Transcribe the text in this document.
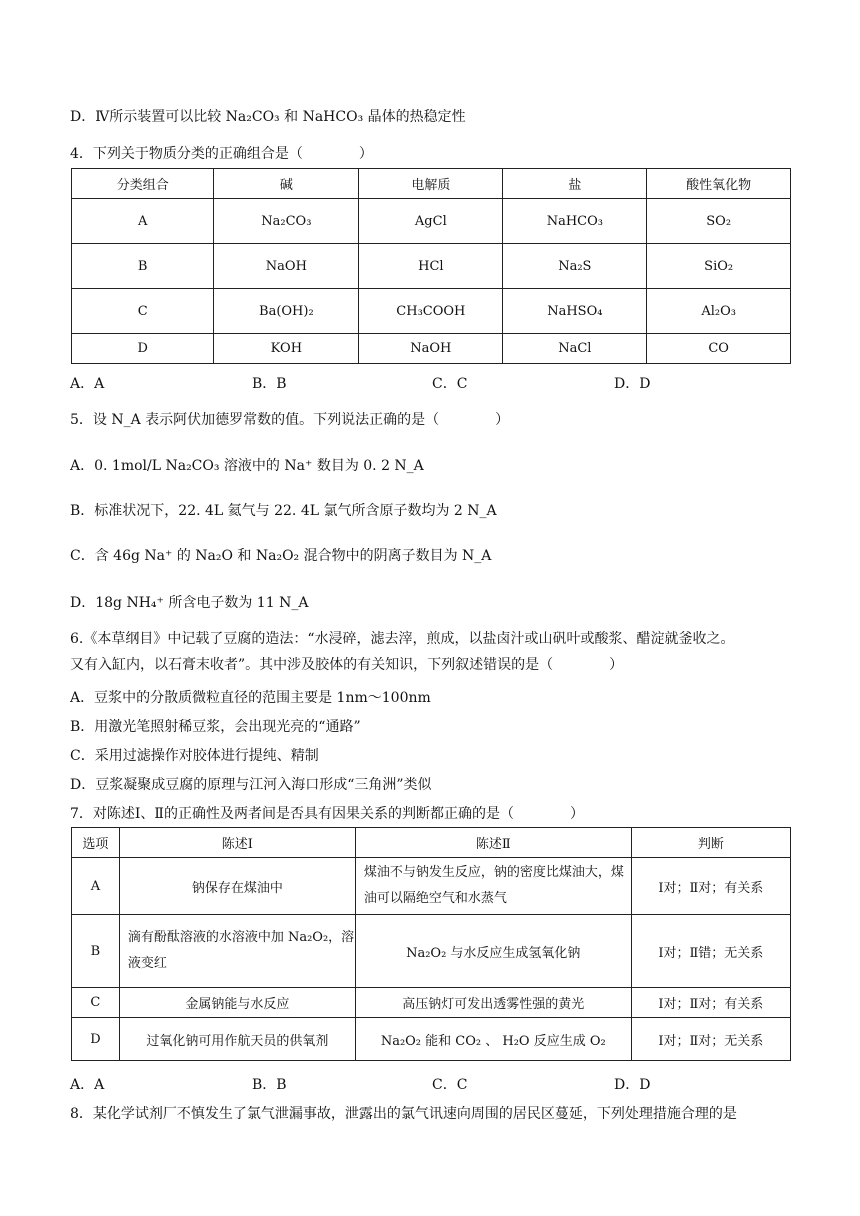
D．Ⅳ所示装置可以比较 Na₂CO₃ 和 NaHCO₃ 晶体的热稳定性
4．下列关于物质分类的正确组合是（　　　　）
分类组合	碱	电解质	盐	酸性氧化物
A	Na₂CO₃	AgCl	NaHCO₃	SO₂
B	NaOH	HCl	Na₂S	SiO₂
C	Ba(OH)₂	CH₃COOH	NaHSO₄	Al₂O₃
D	KOH	NaOH	NaCl	CO
A．A	B．B	C．C	D．D
5．设 N_A 表示阿伏加德罗常数的值。下列说法正确的是（　　　　）
A．0. 1mol/L Na₂CO₃ 溶液中的 Na⁺ 数目为 0. 2 N_A
B．标准状况下，22. 4L 氦气与 22. 4L 氯气所含原子数均为 2 N_A
C．含 46g Na⁺ 的 Na₂O 和 Na₂O₂ 混合物中的阴离子数目为 N_A
D．18g NH₄⁺ 所含电子数为 11 N_A
6.《本草纲目》中记载了豆腐的造法：“水浸碎，滤去滓，煎成，以盐卤汁或山矾叶或酸浆、醋淀就釜收之。
又有入缸内，以石膏末收者”。其中涉及胶体的有关知识，下列叙述错误的是（　　　　）
A．豆浆中的分散质微粒直径的范围主要是 1nm～100nm
B．用激光笔照射稀豆浆，会出现光亮的“通路”
C．采用过滤操作对胶体进行提纯、精制
D．豆浆凝聚成豆腐的原理与江河入海口形成“三角洲”类似
7．对陈述Ⅰ、Ⅱ的正确性及两者间是否具有因果关系的判断都正确的是（　　　　）
选项	陈述Ⅰ	陈述Ⅱ	判断
A	钠保存在煤油中	煤油不与钠发生反应，钠的密度比煤油大，煤油可以隔绝空气和水蒸气	Ⅰ对；Ⅱ对；有关系
B	滴有酚酞溶液的水溶液中加 Na₂O₂，溶液变红	Na₂O₂ 与水反应生成氢氧化钠	Ⅰ对；Ⅱ错；无关系
C	金属钠能与水反应	高压钠灯可发出透雾性强的黄光	Ⅰ对；Ⅱ对；有关系
D	过氧化钠可用作航天员的供氧剂	Na₂O₂ 能和 CO₂ 、 H₂O 反应生成 O₂	Ⅰ对；Ⅱ对；无关系
A．A	B．B	C．C	D．D
8．某化学试剂厂不慎发生了氯气泄漏事故，泄露出的氯气讯速向周围的居民区蔓延，下列处理措施合理的是
